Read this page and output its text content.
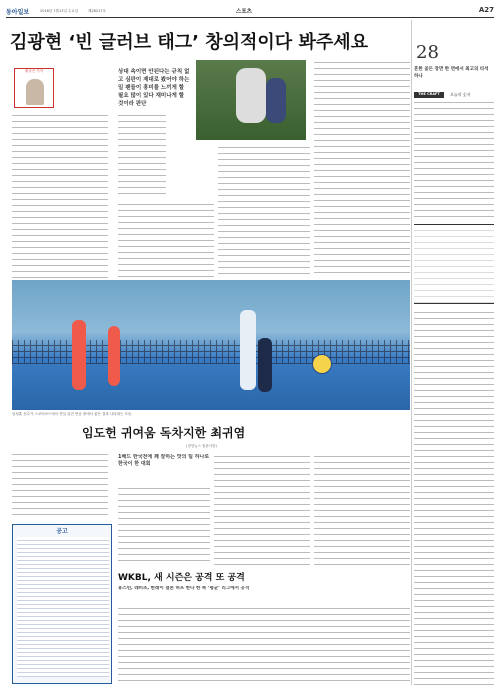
동아일보	2016년 7월13일 수요일	제28217호	스포츠	A27
김광현 ‘빈 글러브 태그’ 창의적이다 봐주세요
황규인 기자	상대 속이면 안된다는 규칙 없고 심판이 제대로 봤어야 하는 일 팬들이 흥미를 느끼게 할 필요 많이 있다 재미나게 할 것이라 판단
임성훈 선수가 스코어보드에서 현실 실전 연습 중에서 좋은 결과 나타내는 모습.
임도헌 귀여움 독차지한 최귀염
(경향뉴스 참관사항)
1배드 한국전에 꽤 잘하는 맛의 팀 하나로 한국이 한 대회
WKBL, 새 시즌은 공격 또 공격
휴스턴, 레비츠, 한레이 결론 허프 한다 한 쪽 ‘평균’ 리그에서 공격
공고
28
흔한 골든 장면 한 면에서 최고의 타석 하나
THE CRAFT	오늘의 숫자
